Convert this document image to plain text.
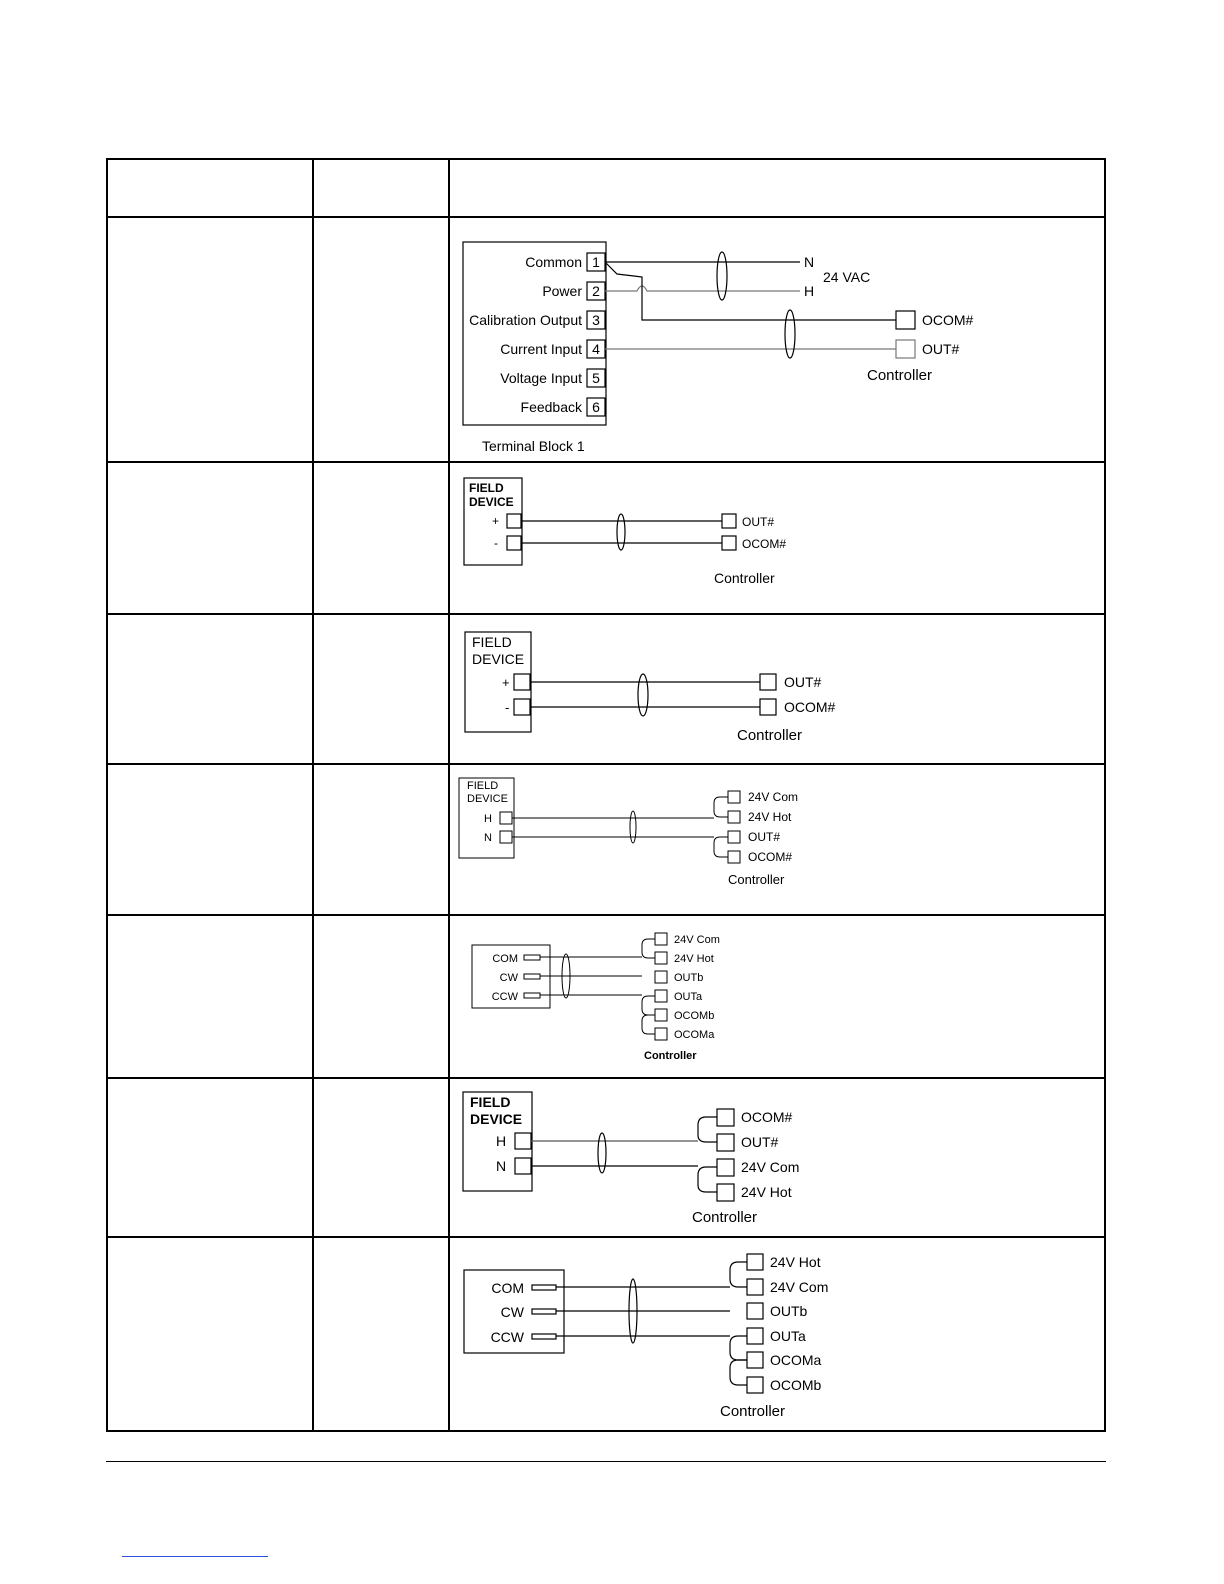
Common
Power
Calibration Output
Current Input
Voltage Input
Feedback
1
2
3
4
5
6
Terminal Block 1
N
H
24 VAC
OCOM#
OUT#
Controller
FIELD
DEVICE
+
-
OUT#
OCOM#
Controller
FIELD
DEVICE
+
-
OUT#
OCOM#
Controller
FIELD
DEVICE
H
N
24V Com
24V Hot
OUT#
OCOM#
Controller
COM
CW
CCW
24V Com
24V Hot
OUTb
OUTa
OCOMb
OCOMa
Controller
FIELD
DEVICE
H
N
OCOM#
OUT#
24V Com
24V Hot
Controller
COM
CW
CCW
24V Hot
24V Com
OUTb
OUTa
OCOMa
OCOMb
Controller
